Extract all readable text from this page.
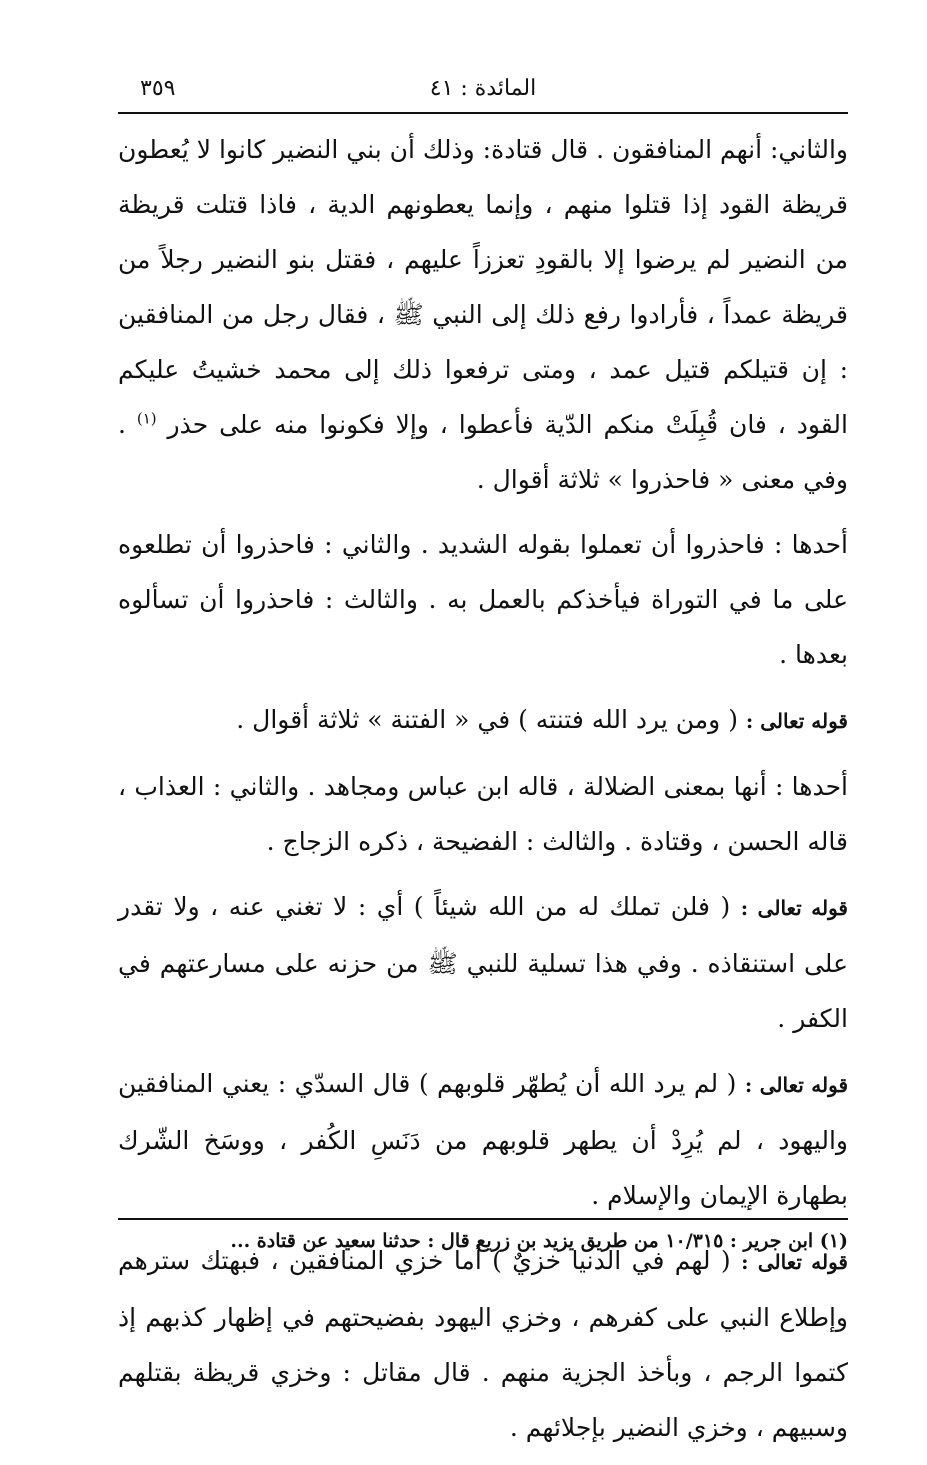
المائدة : ٤١
٣٥٩

والثاني: أنهم المنافقون . قال قتادة: وذلك أن بني النضير كانوا لا يُعطون قريظة القود إذا قتلوا منهم ، وإنما يعطونهم الدية ، فاذا قتلت قريظة من النضير لم يرضوا إلا بالقودِ تعززاً عليهم ، فقتل بنو النضير رجلاً من قريظة عمداً ، فأرادوا رفع ذلك إلى النبي ﷺ ، فقال رجل من المنافقين : إن قتيلكم قتيل عمد ، ومتى ترفعوا ذلك إلى محمد خشيتُ عليكم القود ، فان قُبِلَتْ منكم الدّية فأعطوا ، وإلا فكونوا منه على حذر $^{(١)}$ . وفي معنى « فاحذروا » ثلاثة أقوال .

أحدها : فاحذروا أن تعملوا بقوله الشديد . والثاني : فاحذروا أن تطلعوه على ما في التوراة فيأخذكم بالعمل به . والثالث : فاحذروا أن تسألوه بعدها .

قوله تعالى : ( ومن يرد الله فتنته ) في « الفتنة » ثلاثة أقوال .

أحدها : أنها بمعنى الضلالة ، قاله ابن عباس ومجاهد . والثاني : العذاب ، قاله الحسن ، وقتادة . والثالث : الفضيحة ، ذكره الزجاج .

قوله تعالى : ( فلن تملك له من الله شيئاً ) أي : لا تغني عنه ، ولا تقدر على استنقاذه . وفي هذا تسلية للنبي ﷺ من حزنه على مسارعتهم في الكفر .

قوله تعالى : ( لم يرد الله أن يُطهّر قلوبهم ) قال السدّي : يعني المنافقين واليهود ، لم يُرِدْ أن يطهر قلوبهم من دَنَسِ الكُفر ، ووسَخ الشّرك بطهارة الإيمان والإسلام .

قوله تعالى : ( لهم في الدنيا خزيٌ ) أما خزي المنافقين ، فبهتك سترهم وإطلاع النبي على كفرهم ، وخزي اليهود بفضيحتهم في إظهار كذبهم إذ كتموا الرجم ، وبأخذ الجزية منهم . قال مقاتل : وخزي قريظة بقتلهم وسبيهم ، وخزي النضير بإجلائهم .

(١) ابن جرير : ١٠/٣١٥ من طريق يزيد بن زريع قال : حدثنا سعيد عن قتادة ...
